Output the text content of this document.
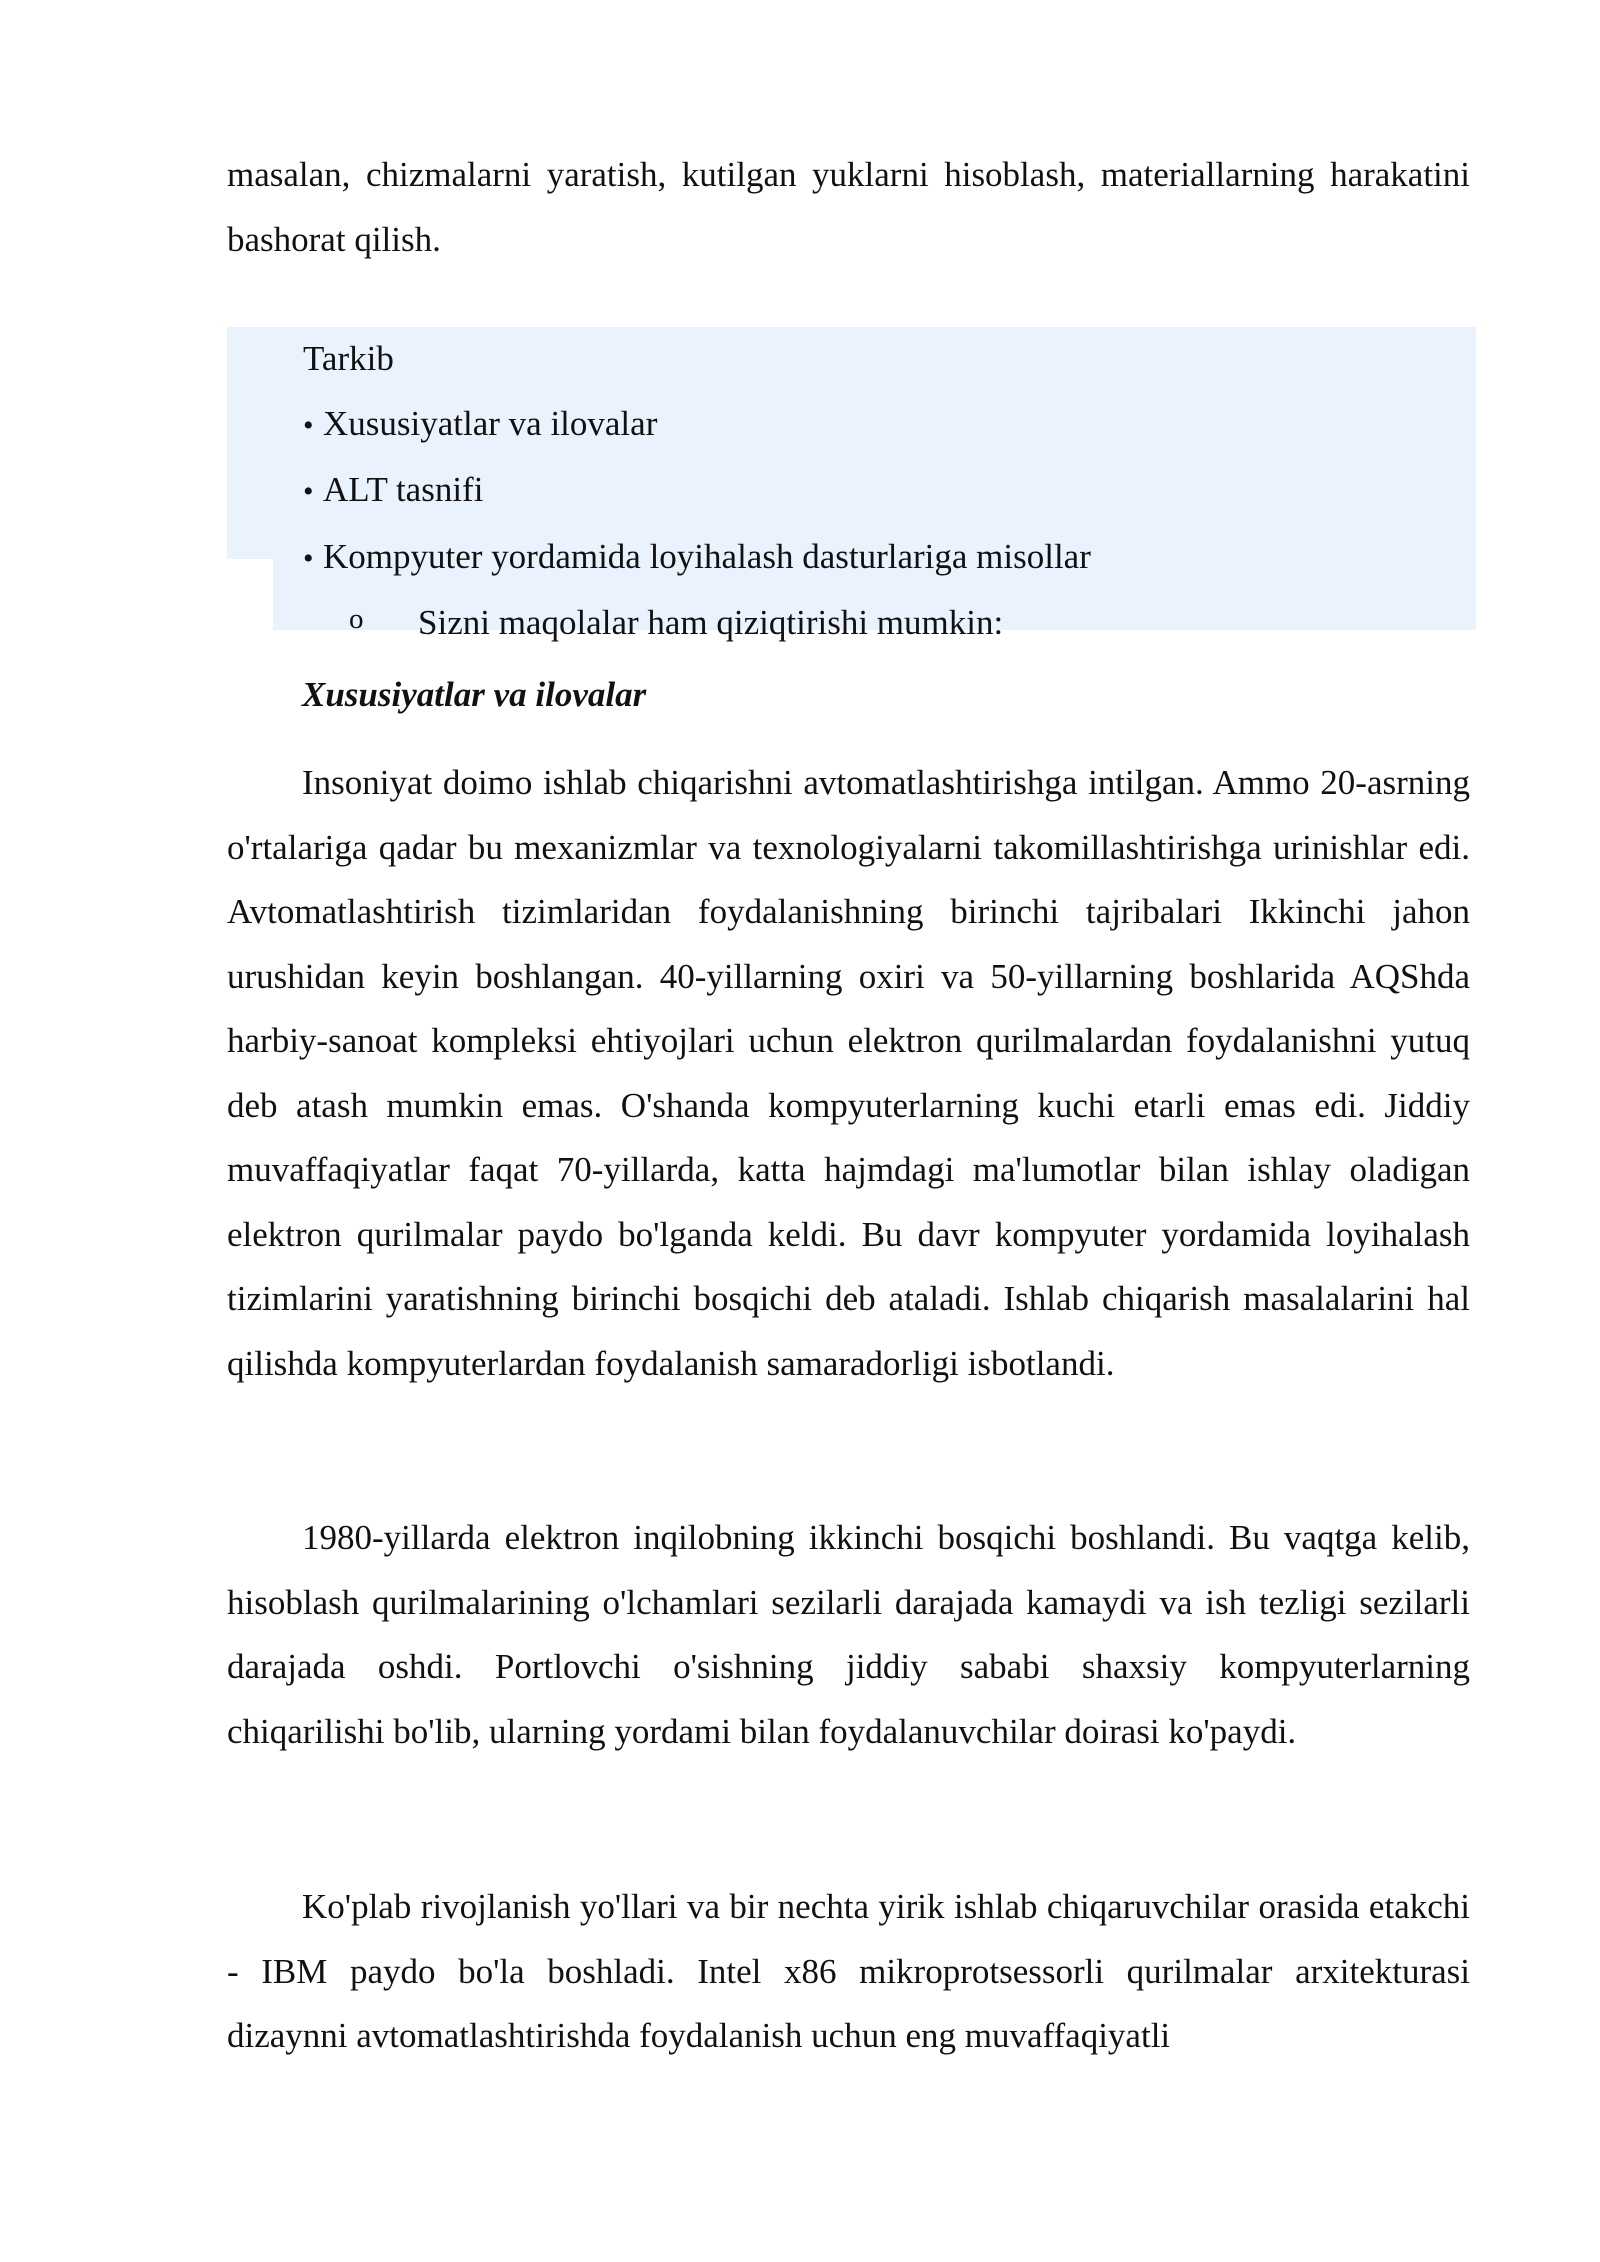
masalan, chizmalarni yaratish, kutilgan yuklarni hisoblash, materiallarning harakatini bashorat qilish.

Tarkib
• Xususiyatlar va ilovalar
• ALT tasnifi
• Kompyuter yordamida loyihalash dasturlariga misollar
o Sizni maqolalar ham qiziqtirishi mumkin:
Xususiyatlar va ilovalar

Insoniyat doimo ishlab chiqarishni avtomatlashtirishga intilgan. Ammo 20-asrning o'rtalariga qadar bu mexanizmlar va texnologiyalarni takomillashtirishga urinishlar edi. Avtomatlashtirish tizimlaridan foydalanishning birinchi tajribalari Ikkinchi jahon urushidan keyin boshlangan. 40-yillarning oxiri va 50-yillarning boshlarida AQShda harbiy-sanoat kompleksi ehtiyojlari uchun elektron qurilmalardan foydalanishni yutuq deb atash mumkin emas. O'shanda kompyuterlarning kuchi etarli emas edi. Jiddiy muvaffaqiyatlar faqat 70-yillarda, katta hajmdagi ma'lumotlar bilan ishlay oladigan elektron qurilmalar paydo bo'lganda keldi. Bu davr kompyuter yordamida loyihalash tizimlarini yaratishning birinchi bosqichi deb ataladi. Ishlab chiqarish masalalarini hal qilishda kompyuterlardan foydalanish samaradorligi isbotlandi.

1980-yillarda elektron inqilobning ikkinchi bosqichi boshlandi. Bu vaqtga kelib, hisoblash qurilmalarining o'lchamlari sezilarli darajada kamaydi va ish tezligi sezilarli darajada oshdi. Portlovchi o'sishning jiddiy sababi shaxsiy kompyuterlarning chiqarilishi bo'lib, ularning yordami bilan foydalanuvchilar doirasi ko'paydi.

Ko'plab rivojlanish yo'llari va bir nechta yirik ishlab chiqaruvchilar orasida etakchi - IBM paydo bo'la boshladi. Intel x86 mikroprotsessorli qurilmalar arxitekturasi dizaynni avtomatlashtirishda foydalanish uchun eng muvaffaqiyatli
